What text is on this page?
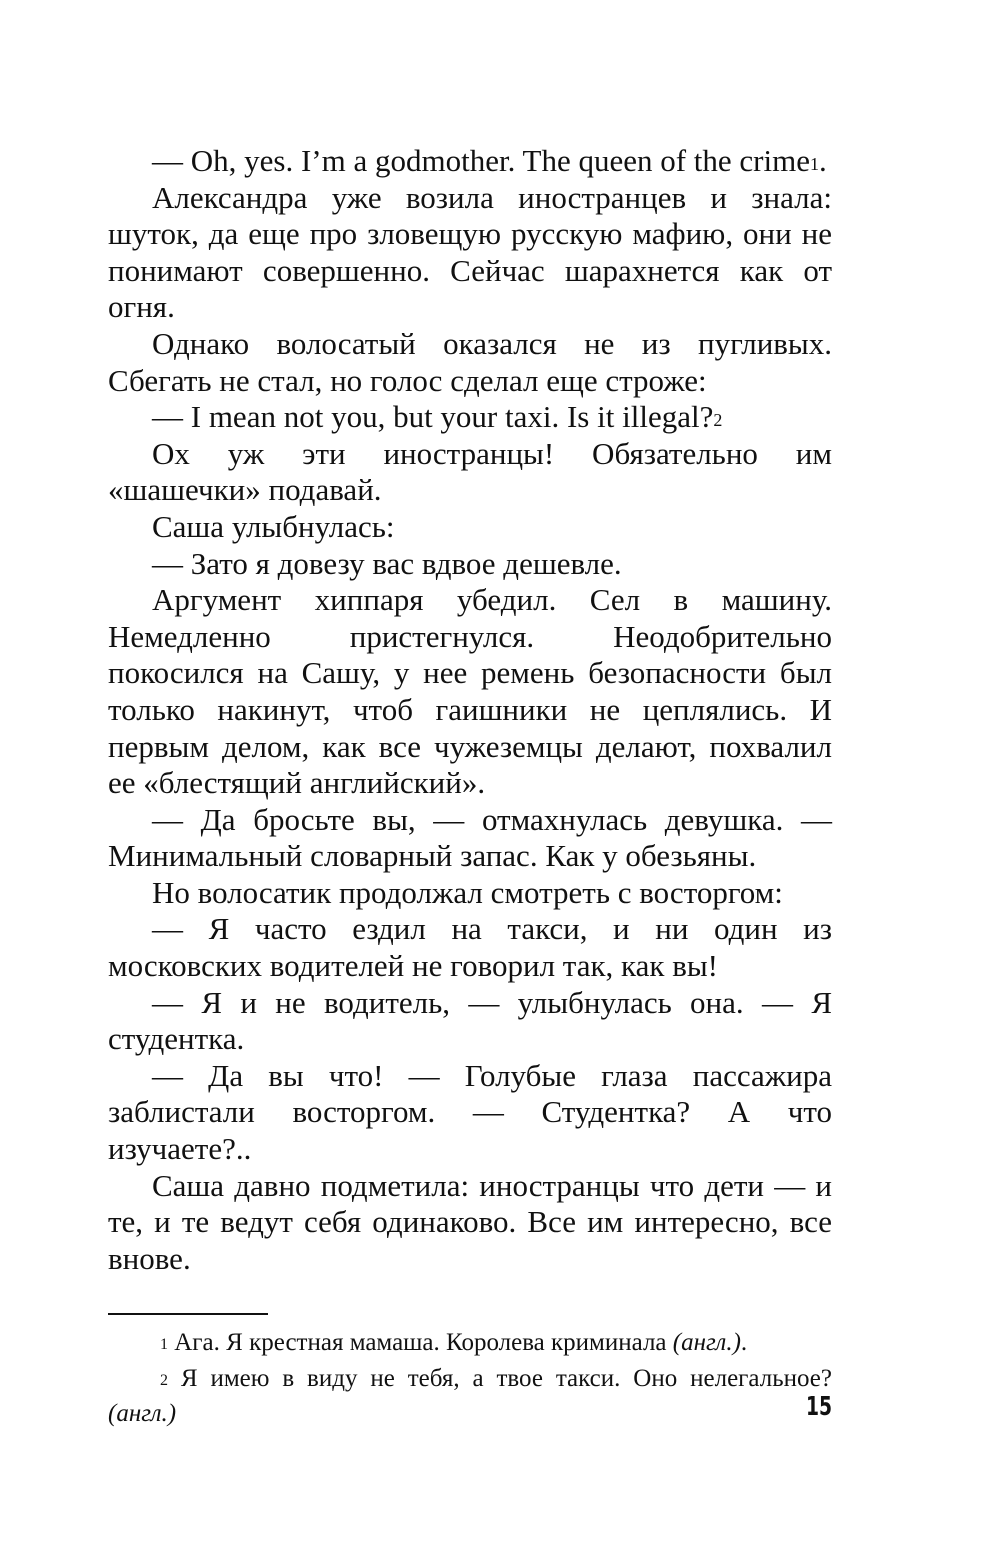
— Oh, yes. I’m a godmother. The queen of the crime$^1$.

Александра уже возила иностранцев и знала: шуток, да еще про зловещую русскую мафию, они не понимают совершенно. Сейчас шарахнется как от огня.

Однако волосатый оказался не из пугливых. Сбегать не стал, но голос сделал еще строже:

— I mean not you, but your taxi. Is it illegal?$^2$

Ох уж эти иностранцы! Обязательно им «шашечки» подавай.

Саша улыбнулась:

— Зато я довезу вас вдвое дешевле.

Аргумент хиппаря убедил. Сел в машину. Немедленно пристегнулся. Неодобрительно покосился на Сашу, у нее ремень безопасности был только накинут, чтоб гаишники не цеплялись. И первым делом, как все чужеземцы делают, похвалил ее «блестящий английский».

— Да бросьте вы, — отмахнулась девушка. — Минимальный словарный запас. Как у обезьяны.

Но волосатик продолжал смотреть с восторгом:

— Я часто ездил на такси, и ни один из московских водителей не говорил так, как вы!

— Я и не водитель, — улыбнулась она. — Я студентка.

— Да вы что! — Голубые глаза пассажира заблистали восторгом. — Студентка? А что изучаете?..

Саша давно подметила: иностранцы что дети — и те, и те ведут себя одинаково. Все им интересно, все внове.

$^1$ Ага. Я крестная мамаша. Королева криминала (англ.).

$^2$ Я имею в виду не тебя, а твое такси. Оно нелегальное? (англ.)	15
